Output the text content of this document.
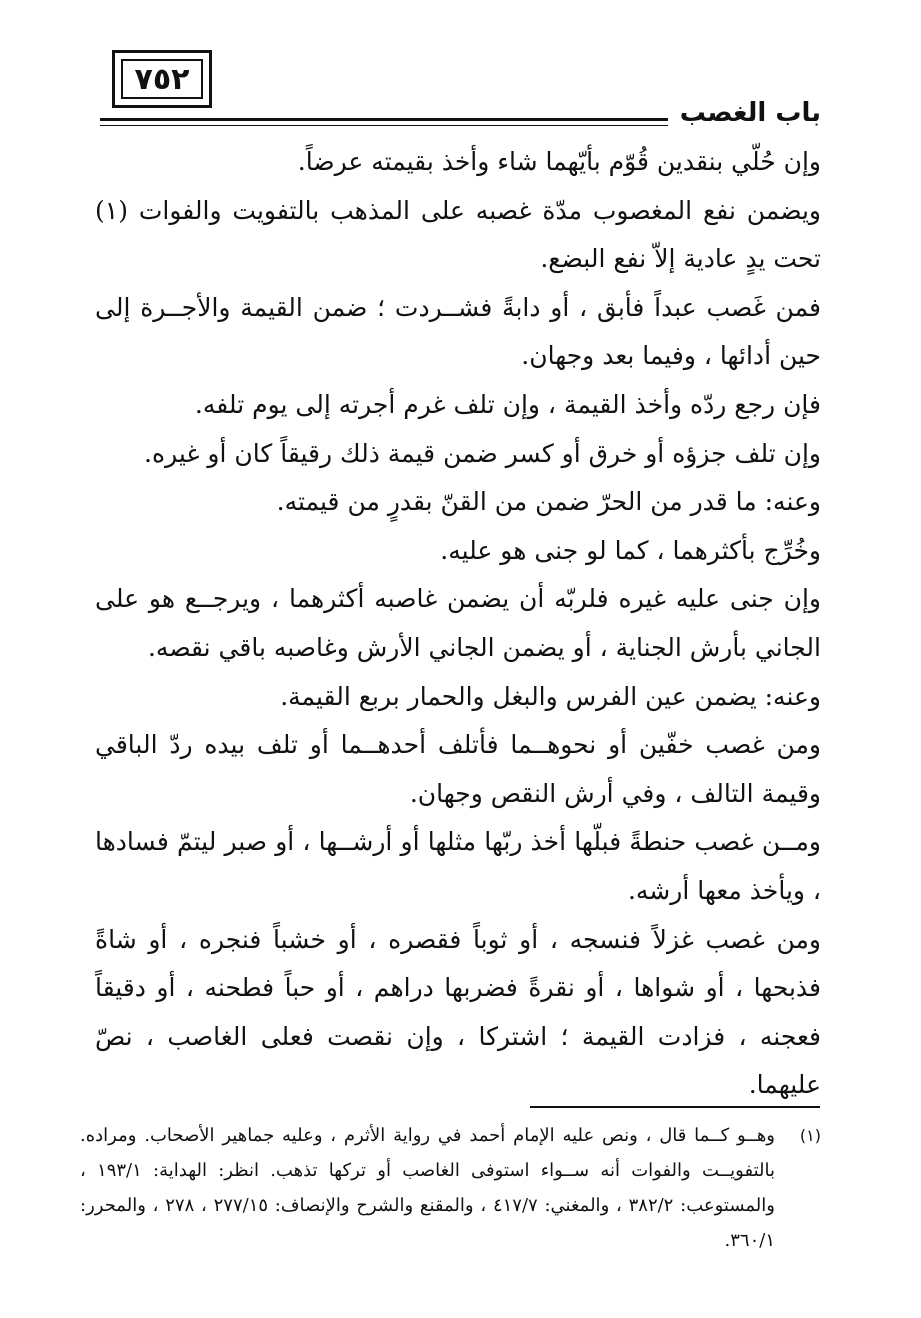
٧٥٢
باب الغصب

وإن حُلّي بنقدين قُوّم بأيّهما شاء وأخذ بقيمته عرضاً.

ويضمن نفع المغصوب مدّة غصبه على المذهب بالتفويت والفوات (١) تحت يدٍ عادية إلاّ نفع البضع.

فمن غَصب عبداً فأبق ، أو دابةً فشــردت ؛ ضمن القيمة والأجــرة إلى حين أدائها ، وفيما بعد وجهان.

فإن رجع ردّه وأخذ القيمة ، وإن تلف غرم أجرته إلى يوم تلفه.

وإن تلف جزؤه أو خرق أو كسر ضمن قيمة ذلك رقيقاً كان أو غيره.

وعنه: ما قدر من الحرّ ضمن من القنّ بقدرٍ من قيمته.

وخُرِّج بأكثرهما ، كما لو جنى هو عليه.

وإن جنى عليه غيره فلربّه أن يضمن غاصبه أكثرهما ، ويرجــع هو على الجاني بأرش الجناية ، أو يضمن الجاني الأرش وغاصبه باقي نقصه.

وعنه: يضمن عين الفرس والبغل والحمار بربع القيمة.

ومن غصب خفّين أو نحوهــما فأتلف أحدهــما أو تلف بيده ردّ الباقي وقيمة التالف ، وفي أرش النقص وجهان.

ومــن غصب حنطةً فبلّها أخذ ربّها مثلها أو أرشــها ، أو صبر ليتمّ فسادها ، ويأخذ معها أرشه.

ومن غصب غزلاً فنسجه ، أو ثوباً فقصره ، أو خشباً فنجره ، أو شاةً فذبحها ، أو شواها ، أو نقرةً فضربها دراهم ، أو حباً فطحنه ، أو دقيقاً فعجنه ، فزادت القيمة ؛ اشتركا ، وإن نقصت فعلى الغاصب ، نصّ عليهما.

(١)
وهــو كــما قال ، ونص عليه الإمام أحمد في رواية الأثرم ، وعليه جماهير الأصحاب. ومراده. بالتفويــت والفوات أنه ســواء استوفى الغاصب أو تركها تذهب. انظر: الهداية: ١٩٣/١ ، والمستوعب: ٣٨٢/٢ ، والمغني: ٤١٧/٧ ، والمقنع والشرح والإنصاف: ٢٧٧/١٥ ، ٢٧٨ ، والمحرر: ٣٦٠/١.
